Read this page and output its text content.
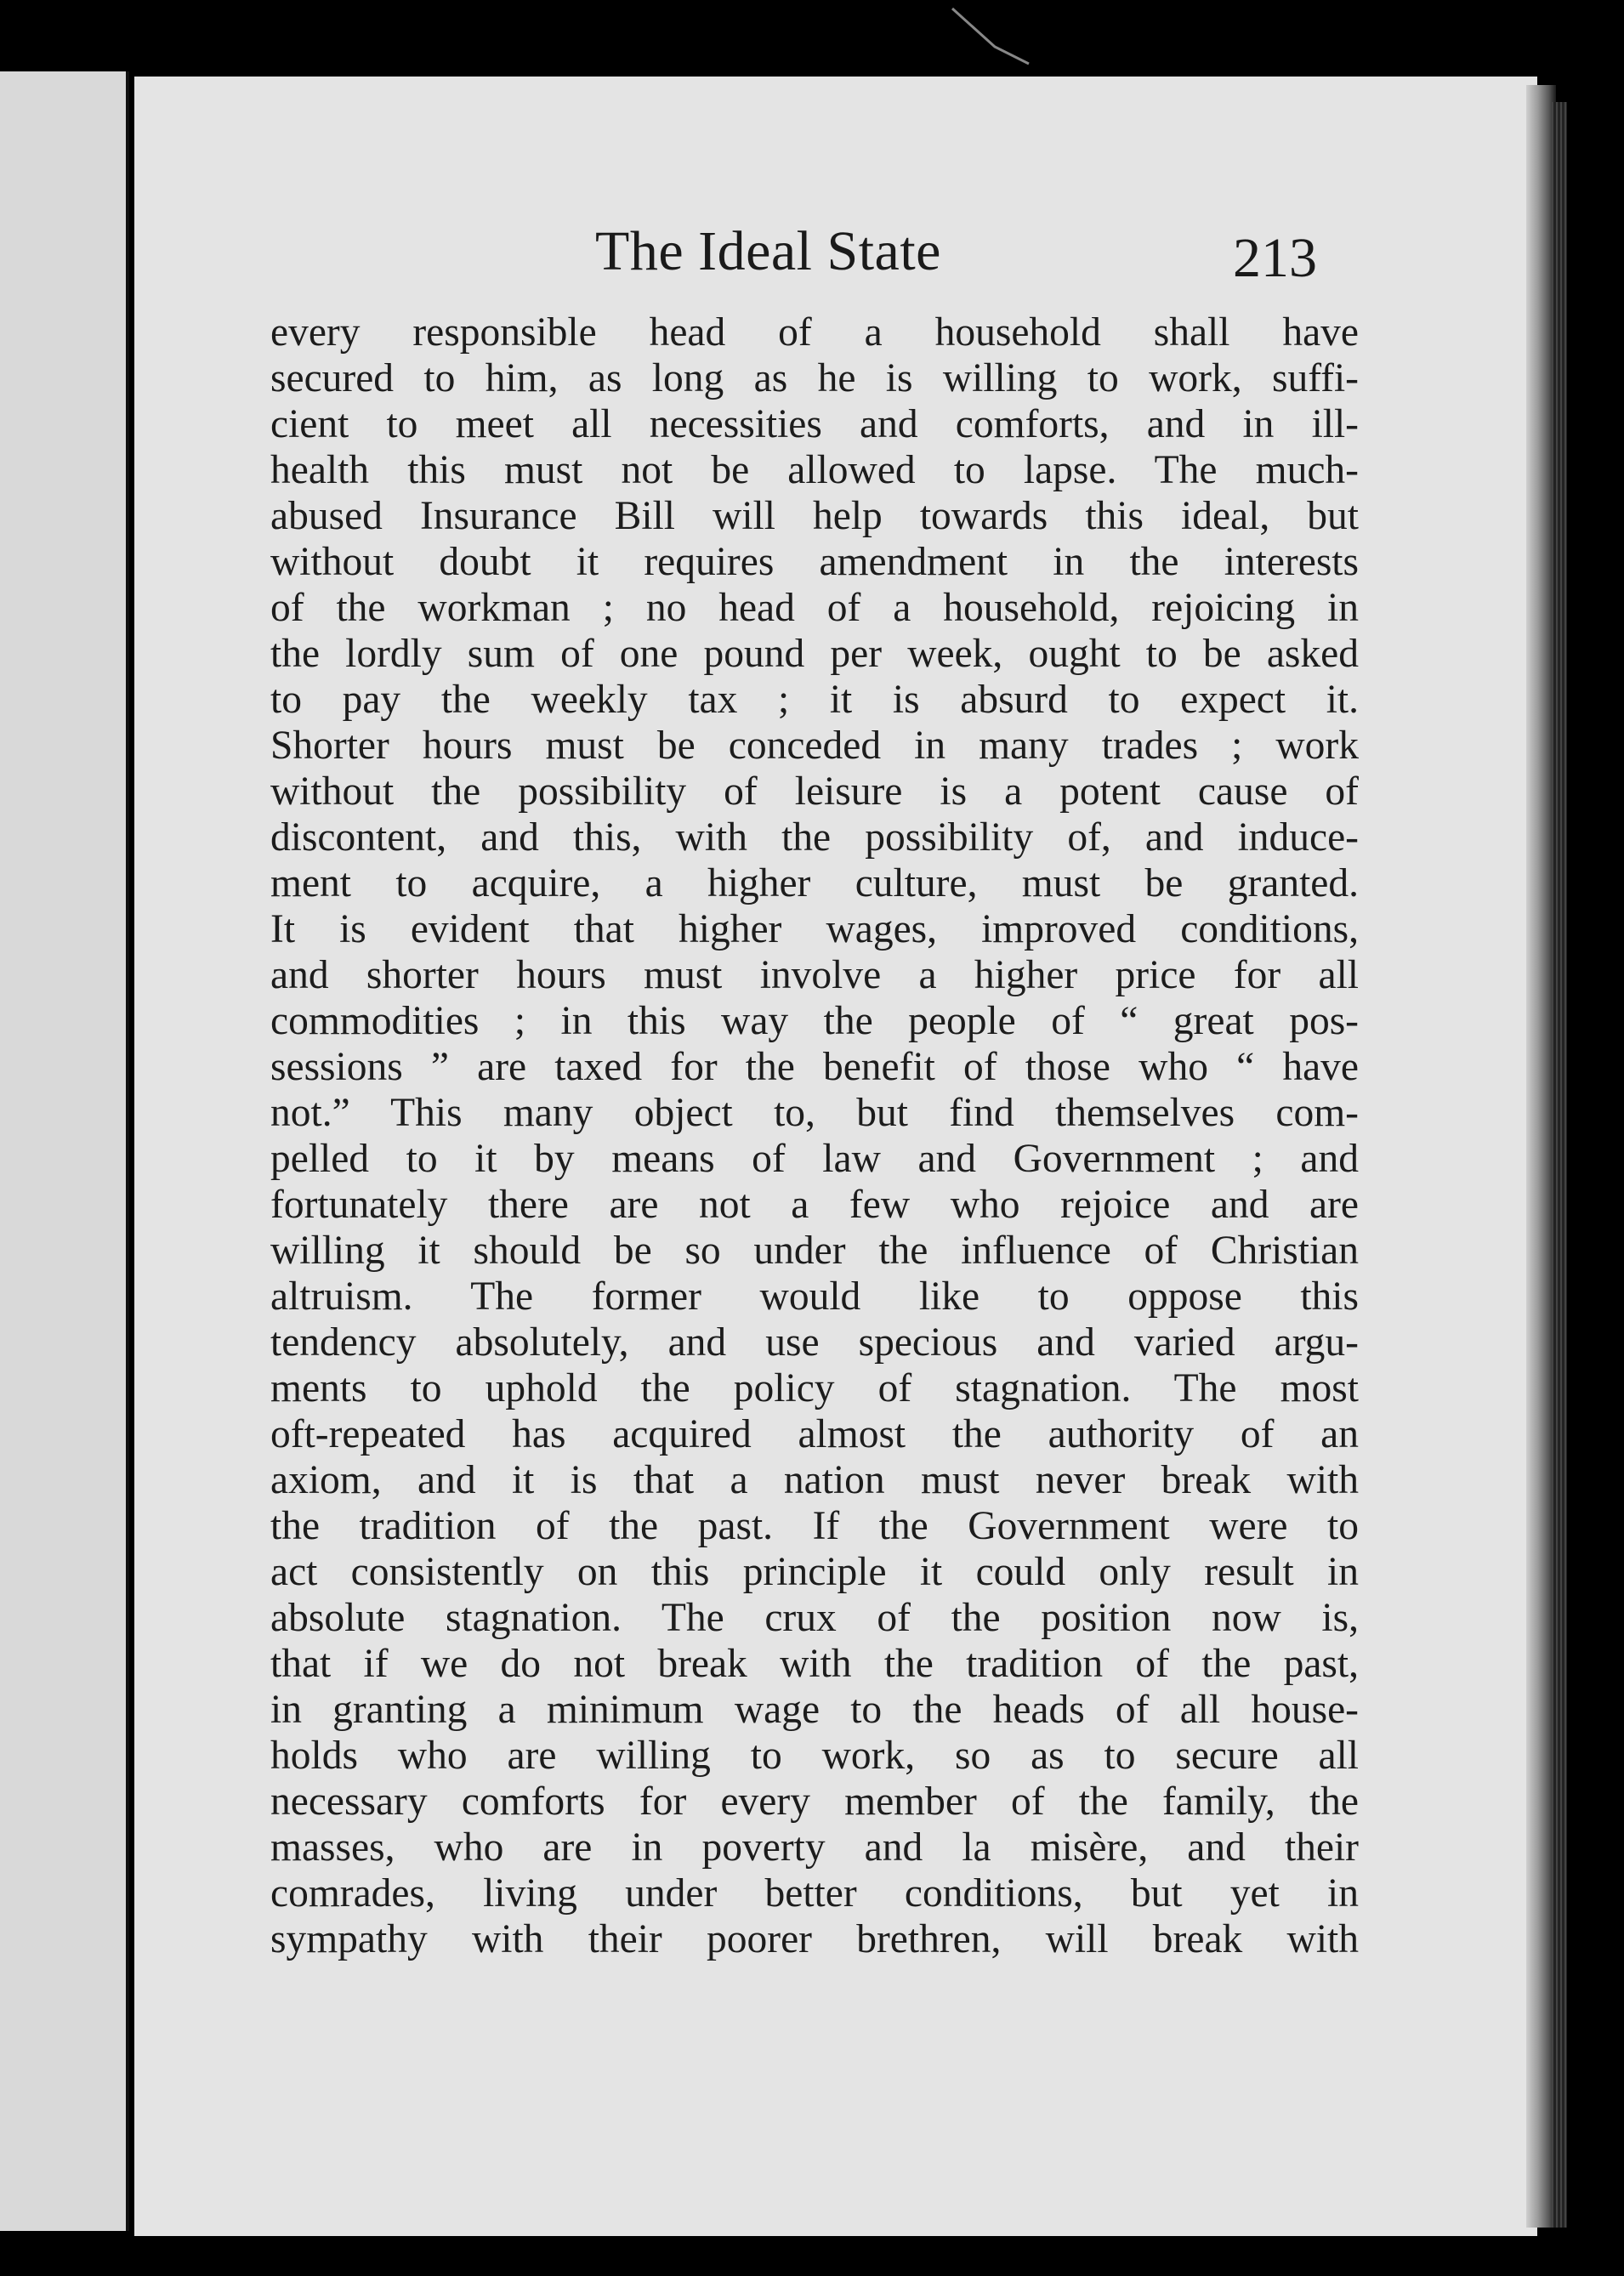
The Ideal State	213
every responsible head of a household shall have
secured to him, as long as he is willing to work, suffi-
cient to meet all necessities and comforts, and in ill-
health this must not be allowed to lapse. The much-
abused Insurance Bill will help towards this ideal, but
without doubt it requires amendment in the interests
of the workman ; no head of a household, rejoicing in
the lordly sum of one pound per week, ought to be asked
to pay the weekly tax ; it is absurd to expect it.
Shorter hours must be conceded in many trades ; work
without the possibility of leisure is a potent cause of
discontent, and this, with the possibility of, and induce-
ment to acquire, a higher culture, must be granted.
It is evident that higher wages, improved conditions,
and shorter hours must involve a higher price for all
commodities ; in this way the people of “ great pos-
sessions ” are taxed for the benefit of those who “ have
not.” This many object to, but find themselves com-
pelled to it by means of law and Government ; and
fortunately there are not a few who rejoice and are
willing it should be so under the influence of Christian
altruism. The former would like to oppose this
tendency absolutely, and use specious and varied argu-
ments to uphold the policy of stagnation. The most
oft-repeated has acquired almost the authority of an
axiom, and it is that a nation must never break with
the tradition of the past. If the Government were to
act consistently on this principle it could only result in
absolute stagnation. The crux of the position now is,
that if we do not break with the tradition of the past,
in granting a minimum wage to the heads of all house-
holds who are willing to work, so as to secure all
necessary comforts for every member of the family, the
masses, who are in poverty and la misère, and their
comrades, living under better conditions, but yet in
sympathy with their poorer brethren, will break with
